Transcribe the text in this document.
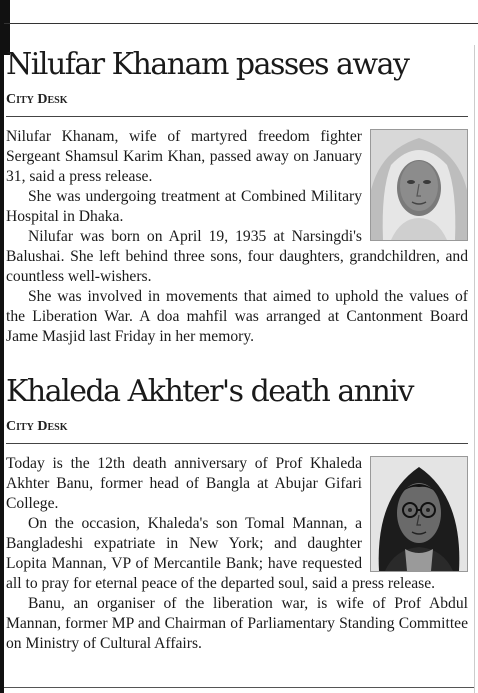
Nilufar Khanam passes away
City Desk

Nilufar Khanam, wife of martyred freedom fighter Sergeant Shamsul Karim Khan, passed away on January 31, said a press release.

She was undergoing treatment at Combined Military Hospital in Dhaka.

Nilufar was born on April 19, 1935 at Narsingdi's Balushai. She left behind three sons, four daughters, grandchildren, and countless well-wishers.

She was involved in movements that aimed to uphold the values of the Liberation War. A doa mahfil was arranged at Cantonment Board Jame Masjid last Friday in her memory.

Khaleda Akhter's death anniv
City Desk

Today is the 12th death anniversary of Prof Khaleda Akhter Banu, former head of Bangla at Abujar Gifari College.

On the occasion, Khaleda's son Tomal Mannan, a Bangladeshi expatriate in New York; and daughter Lopita Mannan, VP of Mercantile Bank; have requested all to pray for eternal peace of the departed soul, said a press release.

Banu, an organiser of the liberation war, is wife of Prof Abdul Mannan, former MP and Chairman of Parliamentary Standing Committee on Ministry of Cultural Affairs.
